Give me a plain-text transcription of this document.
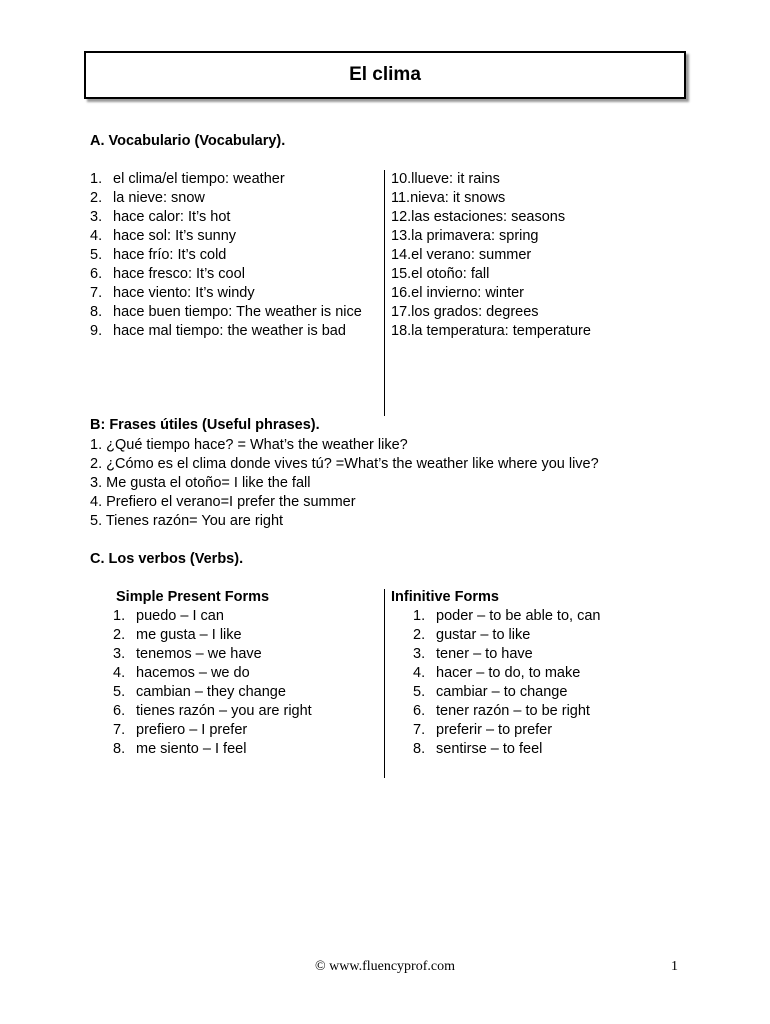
El clima
A. Vocabulario (Vocabulary).
1. el clima/el tiempo: weather
2. la nieve: snow
3. hace calor: It’s hot
4. hace sol: It’s sunny
5. hace frío: It’s cold
6. hace fresco: It’s cool
7. hace viento: It’s windy
8. hace buen tiempo: The weather is nice
9. hace mal tiempo: the weather is bad
10. llueve: it rains
11. nieva: it snows
12. las estaciones: seasons
13. la primavera: spring
14. el verano: summer
15. el otoño: fall
16. el invierno: winter
17. los grados: degrees
18. la temperatura: temperature
B: Frases útiles (Useful phrases).
1. ¿Qué tiempo hace? = What’s the weather like?
2. ¿Cómo es el clima donde vives tú? =What’s the weather like where you live?
3. Me gusta el otoño= I like the fall
4. Prefiero el verano=I prefer the summer
5. Tienes razón= You are right
C. Los verbos (Verbs).
Simple Present Forms	Infinitive Forms
1. puedo – I can
2. me gusta – I like
3. tenemos – we have
4. hacemos – we do
5. cambian – they change
6. tienes razón – you are right
7. prefiero – I prefer
8. me siento – I feel
1. poder – to be able to, can
2. gustar – to like
3. tener – to have
4. hacer – to do, to make
5. cambiar – to change
6. tener razón – to be right
7. preferir – to prefer
8. sentirse – to feel
© www.fluencyprof.com	1
